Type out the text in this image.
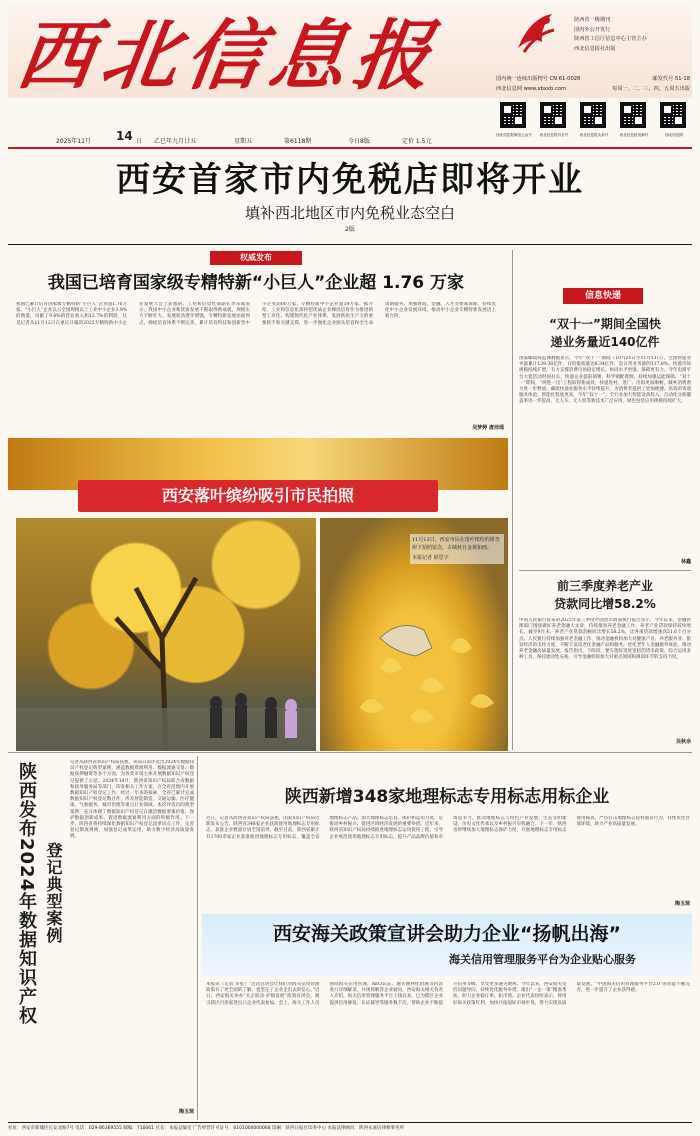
西北信息报	陕西省一级期刊
国内外公开发行
陕西省工信厅信息中心主管主办
西北信息报社出版
国内统一连续出版物号 CN 61-0028	邮发代号 51-18
西北信息网 www.xbxxb.com	每周一、二、三、四、五周五出版
西北信息报微信公众号	西北信息报抖音号	西北信息报头条号	西北信息报视频号	西北信息网
2025年11月 14 日 乙巳年九月廿五	星期五	第6118期	今日8版	定价 1.5元
西安首家市内免税店即将开业
填补西北地区市内免税业态空白
2版
权威发布
我国已培育国家级专精特新“小巨人”企业超 1.76 万家
我国已累计培育国家级专精特新“小巨人”企业超1.76万家。“小巨人”企业以占全国规模以上工业中小企业3.9%的数量，贡献了9.6%的营业收入和13.7%的利润，这是记者从11月12日在重庆开幕的2025专精特新中小企业发展大会上获悉的。工业和信息化部副长李乐成表示，我国中小企业和优质发展不断取得新成就，规模实力不断壮大，发展韧劲逐步增强，专精特新发展由面到点、梯度培育体系不断完善，累计培育科技和创新型中小企业超60万家，专精特新中小企业超14万家。据介绍，工业和信息化部将把优质企业梯度培育作为推进新型工业化、构建现代化产业体系、发展新质生产力的重要抓手和关键支撑，进一步强化企业源头培育和全生命周期服务，加强财政、金融、人才等要素保障，持续优化中小企业发展环境，推动中小企业专精特新发展迈上新台阶。
吴梦婷 唐沛瑶
西安落叶缤纷吸引市民拍照
11月13日，西安市民在落叶缤纷的银杏树下拍照留念，古城秋日金黄如画。
本报记者 候思宇
信息快递
“双十一”期间全国快
递业务量近140亿件
国家邮政局监测数据显示，今年“双十一”期间（10月21日至11月11日），全国快递业务量累计139.38亿件，日均揽收量达6.34亿件，是日常业务量的117.8%。快递市场规模持续扩增，有力支撑消费市场稳定增长。协同水平更强，保障更有力。今年电商平台大促活动时间拉长，快递企业提前部署，科学调配资源，持续加强运能保障。“双十一”期间，“两进一出”工程取得新成效，快递进村、进厂、出海更加顺畅，城乡消费潜力进一步释放。邮政快递业服务水平持续提升，为消费者提供了更加便捷、高效的寄递服务体验。智能化程度更高，今年“双十一”，全行业加大智能设备投入，自动化分拣覆盖率进一步提高，无人车、无人机等新技术广泛应用，绿色包装应用规模持续扩大。
林鑫
前三季度养老产业
贷款同比增58.2%
中国人民银行发布的2025年第三季度中国货币政策执行报告显示，今年以来，金融管理部门围绕做好养老金融大文章，持续推进养老金融工作，养老产业贷款保持较快增长。截至9月末，养老产业贷款余额同比增长58.2%，比各项贷款增速高51.6个百分点。人民银行持续加强养老金融工作，推动金融机构加大对健康产业、养老服务业、银发经济的支持力度，不断丰富适老化金融产品和服务，优化老年人金融服务体验，推动养老金融高质量发展。报告指出，下阶段，要实施好适度宽松的货币政策，综合运用多种工具，保持流动性充裕，引导金融机构加大对重点领域和薄弱环节的支持力度。
吴秋余
陕西发布2024年数据知识产权 登记典型案例
记者从陕西省知识产权局获悉，该局日前评选出2024年数据知识产权登记典型案例，涵盖数据资源利用、数据流通交易、数据质押融资等多个方面，为各类市场主体开展数据知识产权登记提供了示范。2024年10月，陕西省知识产权局联合省数据和政务服务局等部门，印发相关工作方案，在全省范围内开展数据知识产权登记工作。经过一年多的探索，全省已累计完成数据知识产权登记数百件，涉及智能制造、交通运输、医疗健康、气象服务、城市治理等重点行业领域。本次评选出的典型案例，充分体现了数据知识产权登记在激活数据要素价值、保护数据创新成果、促进数据流通利用方面的积极作用。下一步，陕西省将持续深化数据知识产权登记改革试点工作，完善登记制度规则，加强登记成果运用，助力数字经济高质量发展。
陶玉琼
陕西新增348家地理标志专用标志用标企业
近日，记者从陕西省知识产权局获悉，国家知识产权局近期发布公告，陕西省348家企业获准使用地理标志专用标志，获准企业数量位居全国前列。截至目前，陕西省累计有1700余家企业获准使用地理标志专用标志，覆盖全省地理标志产品。加大地理标志培育、保护和运用力度，是推动乡村振兴、促进区域经济发展的重要举措。近年来，陕西省知识产权局持续推进地理标志运用促进工程，引导企业规范使用地理标志专用标志，提升产品品牌价值和市场竞争力，推动地理标志与特色产业发展、生态文明建设、历史文化传承以及乡村振兴有机融合。下一步，陕西省将继续加大地理标志保护力度，开展地理标志专用标志使用核查，严厉打击地理标志侵权假冒行为，持续优化营商环境，助力产业高质量发展。
陶玉琼
西安海关政策宣讲会助力企业“扬帆出海”
海关信用管理服务平台为企业贴心服务
本报讯（记者 李星）“这次宣讲会让我们对海关信用管理政策有了更全面的了解，也坚定了企业走出去的信心。”近日，西安海关举办“关企联动·护航发展”政策宣讲会，吸引辖区百余家进出口企业代表参加。会上，海关工作人员围绕海关信用管理、AEO认证、通关便利化措施等内容进行详细解读，并现场解答企业疑问。西安海关相关负责人介绍，海关信用管理服务平台上线以来，已为辖区企业提供信用修复、认证辅导等服务数千次，帮助企业不断提升信用等级，享受更多通关便利。今年以来，西安海关坚持问题导向，持续优化服务举措，推出“一企一策”精准帮扶，助力企业稳订单、拓市场。企业代表纷纷表示，将用好海关政策红利，加快开拓国际市场步伐，努力实现高质量发展。“中国海关信用管理服务平台2.0”的功能不断完善，进一步提升了企业获得感。
社址：西安市新城区长安北路7号 电话：029-86369555 邮编：710061 社长：本报总编室 广告经营许可证号：6101004000068 印刷：陕西日报社印务中心 本报法律顾问：陕西永嘉信律师事务所
